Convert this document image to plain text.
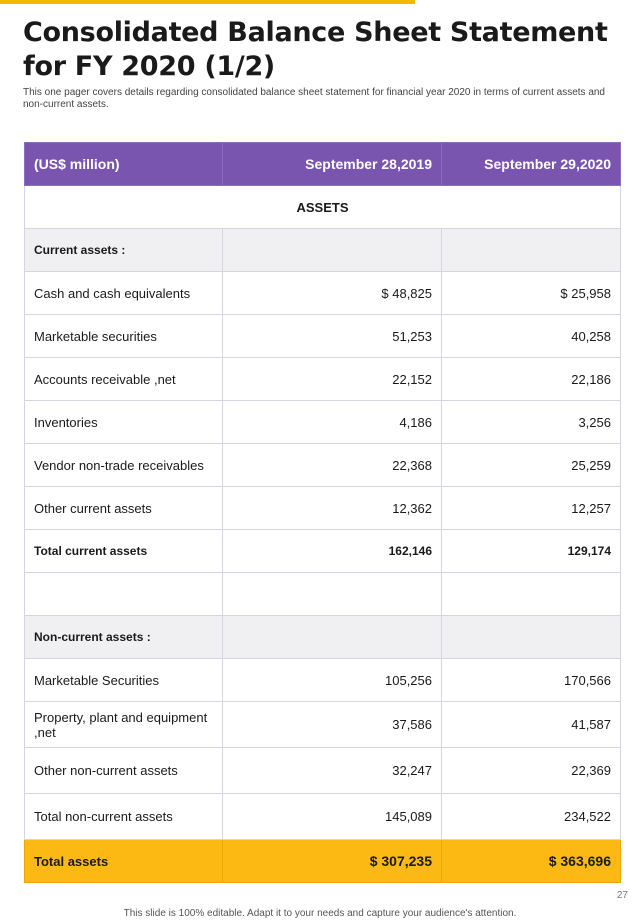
Consolidated Balance Sheet Statement for FY 2020 (1/2)

This one pager covers details regarding consolidated balance sheet statement for financial year 2020 in terms of current assets and non-current assets.

(US$ million)	September 28,2019	September 29,2020
ASSETS		
Current assets :		
Cash and cash equivalents	$ 48,825	$ 25,958
Marketable securities	51,253	40,258
Accounts receivable ,net	22,152	22,186
Inventories	4,186	3,256
Vendor non-trade receivables	22,368	25,259
Other current assets	12,362	12,257
Total current assets	162,146	129,174

Non-current assets :		
Marketable Securities	105,256	170,566
Property, plant and equipment ,net	37,586	41,587
Other non-current assets	32,247	22,369
Total non-current assets	145,089	234,522
Total assets	$ 307,235	$ 363,696
27
This slide is 100% editable. Adapt it to your needs and capture your audience's attention.
